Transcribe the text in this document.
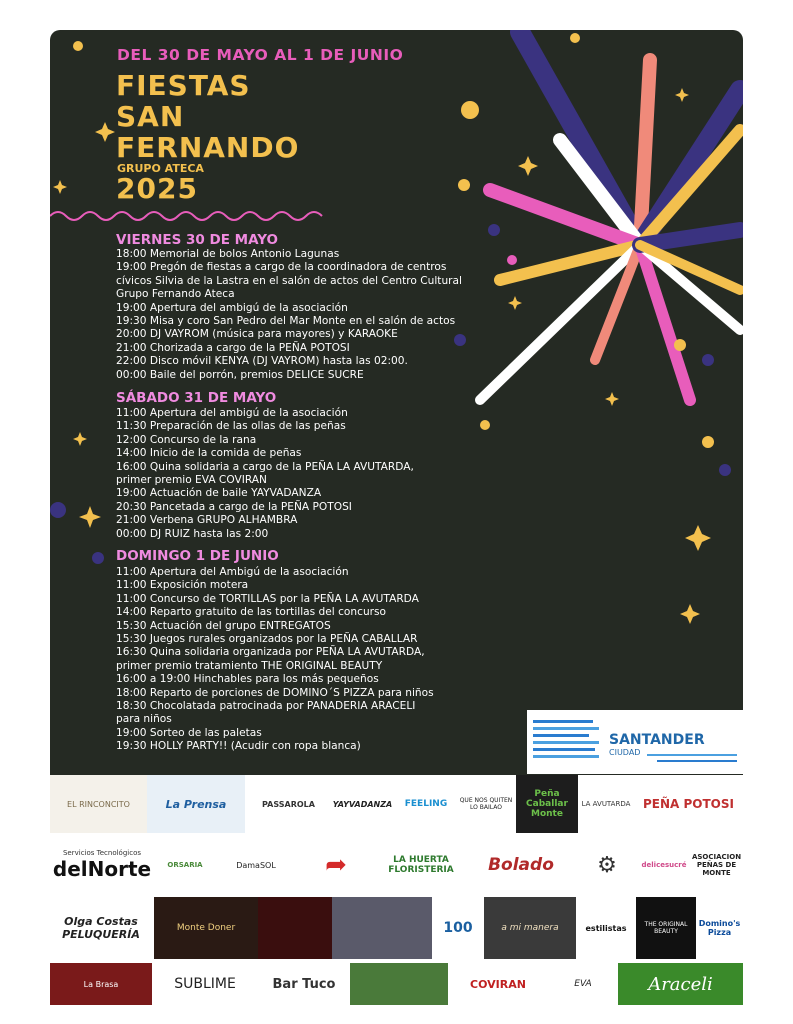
DEL 30 DE MAYO AL 1 DE JUNIO
FIESTAS
SAN
FERNANDO
GRUPO ATECA
2025
VIERNES 30 DE MAYO
18:00 Memorial de bolos Antonio Lagunas
19:00 Pregón de fiestas a cargo de la coordinadora de centros
cívicos Silvia de la Lastra en el salón de actos del Centro Cultural
Grupo Fernando Ateca
19:00 Apertura del ambigú de la asociación
19:30 Misa y coro San Pedro del Mar Monte en el salón de actos
20:00 DJ VAYROM (música para mayores) y KARAOKE
21:00 Chorizada a cargo de la PEÑA POTOSI
22:00 Disco móvil KENYA (DJ VAYROM) hasta las 02:00.
00:00 Baile del porrón, premios DELICE SUCRE
SÁBADO 31 DE MAYO
11:00 Apertura del ambigú de la asociación
11:30 Preparación de las ollas de las peñas
12:00 Concurso de la rana
14:00 Inicio de la comida de peñas
16:00 Quina solidaria a cargo de la PEÑA LA AVUTARDA,
primer premio EVA COVIRAN
19:00 Actuación de baile YAYVADANZA
20:30 Pancetada a cargo de la PEÑA POTOSI
21:00 Verbena GRUPO ALHAMBRA
00:00 DJ RUIZ hasta las 2:00
DOMINGO 1 DE JUNIO
11:00 Apertura del Ambigú de la asociación
11:00 Exposición motera
11:00 Concurso de TORTILLAS por la PEÑA LA AVUTARDA
14:00 Reparto gratuito de las tortillas del concurso
15:30 Actuación del grupo ENTREGATOS
15:30 Juegos rurales organizados por la PEÑA CABALLAR
16:30 Quina solidaria organizada por PEÑA LA AVUTARDA,
primer premio tratamiento THE ORIGINAL BEAUTY
16:00 a 19:00 Hinchables para los más pequeños
18:00 Reparto de porciones de DOMINO´S PIZZA para niños
18:30 Chocolatada patrocinada por PANADERIA ARACELI
para niños
19:00 Sorteo de las paletas
19:30 HOLLY PARTY!! (Acudir con ropa blanca)	SANTANDER
CIUDAD
EL RINCONCITO	La Prensa	PASSAROLA YAYVADANZA FEELING QUE NOS QUITEN LO BAILAO
Peña Caballar Monte
LA AVUTARDA PEÑA POTOSI
Servicios Tecnológicos
delNorte ORSARIA	DamaSOL ➦	LA HUERTA FLORISTERIA	Bolado ⚙	delicesucré
ASOCIACION PEÑAS DE MONTE
Olga Costas PELUQUERÍA	Monte Doner	100	a mi manera	estilistas	THE ORIGINAL BEAUTY
Domino's Pizza
La Brasa	SUBLIME	Bar Tuco	COVIRAN	EVA	Araceli
